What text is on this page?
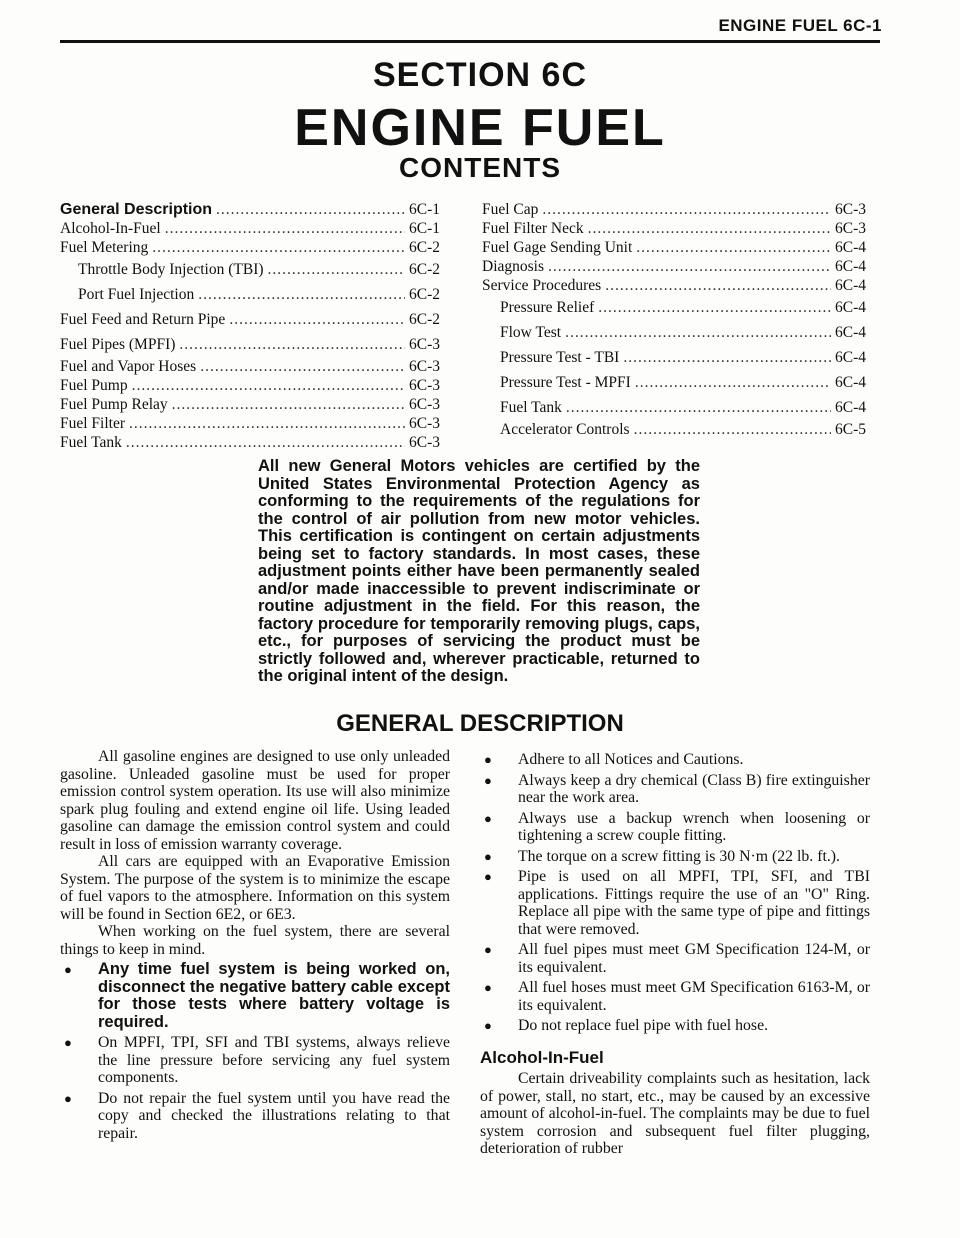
ENGINE FUEL 6C-1
SECTION 6C
ENGINE FUEL
CONTENTS
General Description .....	6C-1
Alcohol-In-Fuel .....	6C-1
Fuel Metering .....	6C-2
Throttle Body Injection (TBI) .....	6C-2
Port Fuel Injection .....	6C-2
Fuel Feed and Return Pipe .....	6C-2
Fuel Pipes (MPFI) .....	6C-3
Fuel and Vapor Hoses .....	6C-3
Fuel Pump .....	6C-3
Fuel Pump Relay .....	6C-3
Fuel Filter .....	6C-3
Fuel Tank .....	6C-3
Fuel Cap .....	6C-3
Fuel Filter Neck .....	6C-3
Fuel Gage Sending Unit .....	6C-4
Diagnosis .....	6C-4
Service Procedures .....	6C-4
Pressure Relief .....	6C-4
Flow Test .....	6C-4
Pressure Test - TBI .....	6C-4
Pressure Test - MPFI .....	6C-4
Fuel Tank .....	6C-4
Accelerator Controls .....	6C-5
All new General Motors vehicles are certified by the United States Environmental Protection Agency as conforming to the requirements of the regulations for the control of air pollution from new motor vehicles. This certification is contingent on certain adjustments being set to factory standards. In most cases, these adjustment points either have been permanently sealed and/or made inaccessible to prevent indiscriminate or routine adjustment in the field. For this reason, the factory procedure for temporarily removing plugs, caps, etc., for purposes of servicing the product must be strictly followed and, wherever practicable, returned to the original intent of the design.
GENERAL DESCRIPTION

All gasoline engines are designed to use only unleaded gasoline. Unleaded gasoline must be used for proper emission control system operation. Its use will also minimize spark plug fouling and extend engine oil life. Using leaded gasoline can damage the emission control system and could result in loss of emission warranty coverage.

All cars are equipped with an Evaporative Emission System. The purpose of the system is to minimize the escape of fuel vapors to the atmosphere. Information on this system will be found in Section 6E2, or 6E3.

When working on the fuel system, there are several things to keep in mind.

●	Any time fuel system is being worked on, disconnect the negative battery cable except for those tests where battery voltage is required.
●	On MPFI, TPI, SFI and TBI systems, always relieve the line pressure before servicing any fuel system components.
●	Do not repair the fuel system until you have read the copy and checked the illustrations relating to that repair.
●	Adhere to all Notices and Cautions.
●	Always keep a dry chemical (Class B) fire extinguisher near the work area.
●	Always use a backup wrench when loosening or tightening a screw couple fitting.
●	The torque on a screw fitting is 30 N·m (22 lb. ft.).
●	Pipe is used on all MPFI, TPI, SFI, and TBI applications. Fittings require the use of an "O" Ring. Replace all pipe with the same type of pipe and fittings that were removed.
●	All fuel pipes must meet GM Specification 124-M, or its equivalent.
●	All fuel hoses must meet GM Specification 6163-M, or its equivalent.
●	Do not replace fuel pipe with fuel hose.
Alcohol-In-Fuel

Certain driveability complaints such as hesitation, lack of power, stall, no start, etc., may be caused by an excessive amount of alcohol-in-fuel. The complaints may be due to fuel system corrosion and subsequent fuel filter plugging, deterioration of rubber
